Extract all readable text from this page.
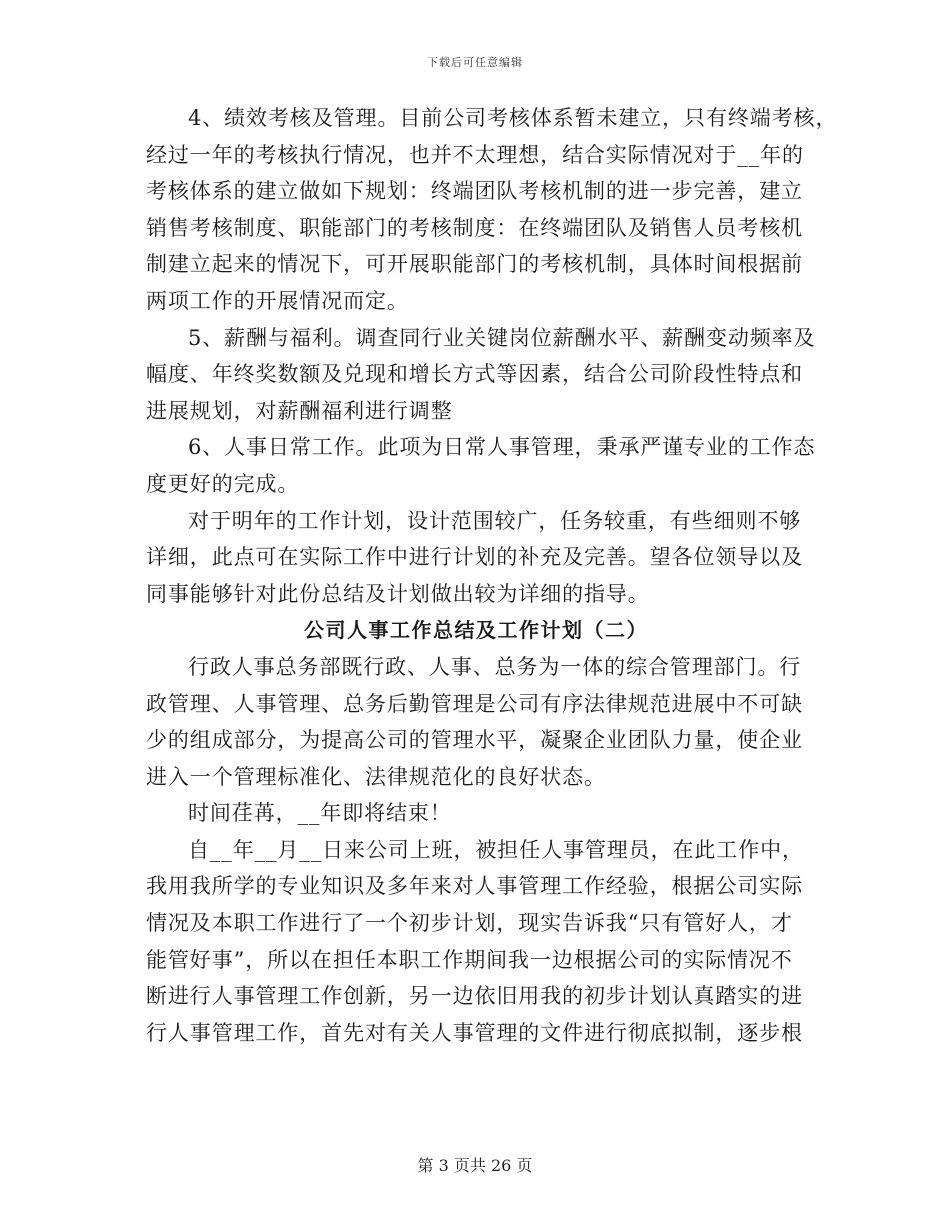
下载后可任意编辑
4、绩效考核及管理。目前公司考核体系暂未建立，只有终端考核，
经过一年的考核执行情况，也并不太理想，结合实际情况对于__年的
考核体系的建立做如下规划：终端团队考核机制的进一步完善，建立
销售考核制度、职能部门的考核制度：在终端团队及销售人员考核机
制建立起来的情况下，可开展职能部门的考核机制，具体时间根据前
两项工作的开展情况而定。
5、薪酬与福利。调查同行业关键岗位薪酬水平、薪酬变动频率及
幅度、年终奖数额及兑现和增长方式等因素，结合公司阶段性特点和
进展规划，对薪酬福利进行调整
6、人事日常工作。此项为日常人事管理，秉承严谨专业的工作态
度更好的完成。
对于明年的工作计划，设计范围较广，任务较重，有些细则不够
详细，此点可在实际工作中进行计划的补充及完善。望各位领导以及
同事能够针对此份总结及计划做出较为详细的指导。
公司人事工作总结及工作计划（二）
行政人事总务部既行政、人事、总务为一体的综合管理部门。行
政管理、人事管理、总务后勤管理是公司有序法律规范进展中不可缺
少的组成部分，为提高公司的管理水平，凝聚企业团队力量，使企业
进入一个管理标准化、法律规范化的良好状态。
时间荏苒，__年即将结束！
自__年__月__日来公司上班，被担任人事管理员，在此工作中，
我用我所学的专业知识及多年来对人事管理工作经验，根据公司实际
情况及本职工作进行了一个初步计划，现实告诉我“只有管好人，才
能管好事”，所以在担任本职工作期间我一边根据公司的实际情况不
断进行人事管理工作创新，另一边依旧用我的初步计划认真踏实的进
行人事管理工作，首先对有关人事管理的文件进行彻底拟制，逐步根
第 3 页共 26 页
